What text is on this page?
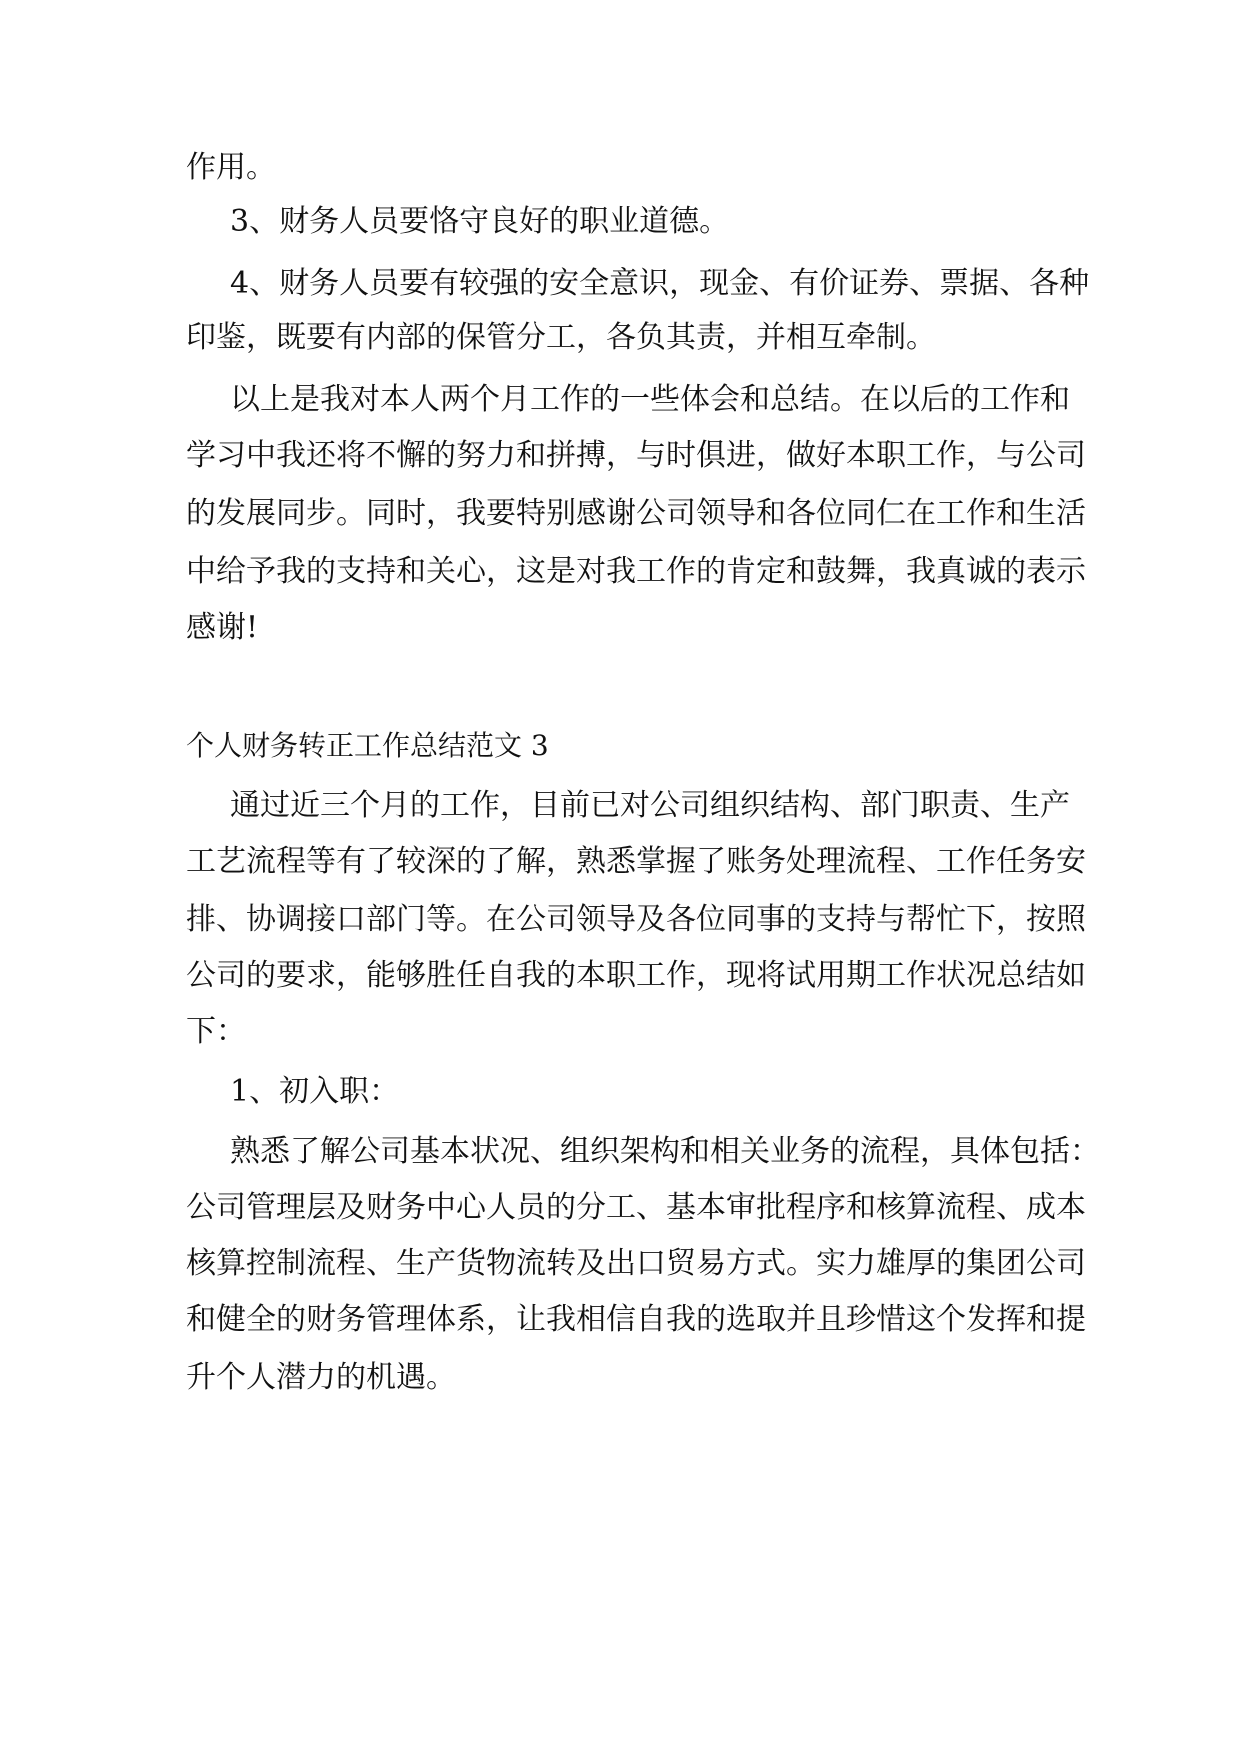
作用。
3、财务人员要恪守良好的职业道德。
4、财务人员要有较强的安全意识，现金、有价证券、票据、各种
印鉴，既要有内部的保管分工，各负其责，并相互牵制。
以上是我对本人两个月工作的一些体会和总结。在以后的工作和
学习中我还将不懈的努力和拼搏，与时俱进，做好本职工作，与公司
的发展同步。同时，我要特别感谢公司领导和各位同仁在工作和生活
中给予我的支持和关心，这是对我工作的肯定和鼓舞，我真诚的表示
感谢!
个人财务转正工作总结范文 3
通过近三个月的工作，目前已对公司组织结构、部门职责、生产
工艺流程等有了较深的了解，熟悉掌握了账务处理流程、工作任务安
排、协调接口部门等。在公司领导及各位同事的支持与帮忙下，按照
公司的要求，能够胜任自我的本职工作，现将试用期工作状况总结如
下：
1、初入职：
熟悉了解公司基本状况、组织架构和相关业务的流程，具体包括：
公司管理层及财务中心人员的分工、基本审批程序和核算流程、成本
核算控制流程、生产货物流转及出口贸易方式。实力雄厚的集团公司
和健全的财务管理体系，让我相信自我的选取并且珍惜这个发挥和提
升个人潜力的机遇。
